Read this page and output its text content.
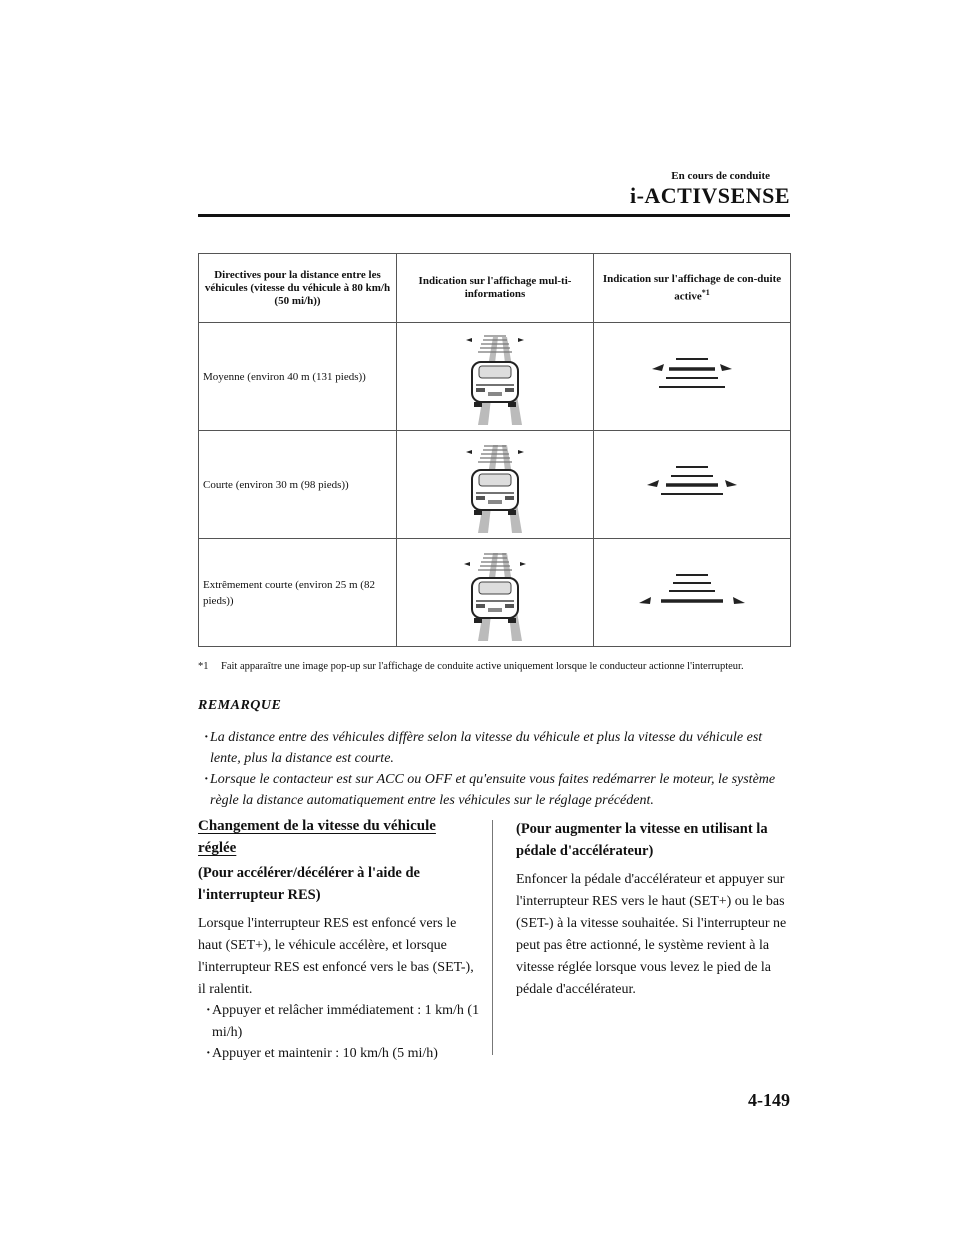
En cours de conduite
i-ACTIVSENSE
Directives pour la distance entre les véhicules (vitesse du véhicule à 80 km/h (50 mi/h))	Indication sur l'affichage mul-ti-informations	Indication sur l'affichage de con-duite active$^{*1}$
Moyenne (environ 40 m (131 pieds))	

Courte (environ 30 m (98 pieds))	

Extrêmement courte (environ 25 m (82 pieds))	

*1	Fait apparaître une image pop-up sur l'affichage de conduite active uniquement lorsque le conducteur actionne l'interrupteur.
REMARQUE
· La distance entre des véhicules diffère selon la vitesse du véhicule et plus la vitesse du véhicule est lente, plus la distance est courte.
· Lorsque le contacteur est sur ACC ou OFF et qu'ensuite vous faites redémarrer le moteur, le système règle la distance automatiquement entre les véhicules sur le réglage précédent.
Changement de la vitesse du véhicule réglée
(Pour accélérer/décélérer à l'aide de l'interrupteur RES)
Lorsque l'interrupteur RES est enfoncé vers le haut (SET+), le véhicule accélère, et lorsque l'interrupteur RES est enfoncé vers le bas (SET-), il ralentit.
· Appuyer et relâcher immédiatement : 1 km/h (1 mi/h)
· Appuyer et maintenir : 10 km/h (5 mi/h)
(Pour augmenter la vitesse en utilisant la pédale d'accélérateur)
Enfoncer la pédale d'accélérateur et appuyer sur l'interrupteur RES vers le haut (SET+) ou le bas (SET-) à la vitesse souhaitée. Si l'interrupteur ne peut pas être actionné, le système revient à la vitesse réglée lorsque vous levez le pied de la pédale d'accélérateur.
4-149
